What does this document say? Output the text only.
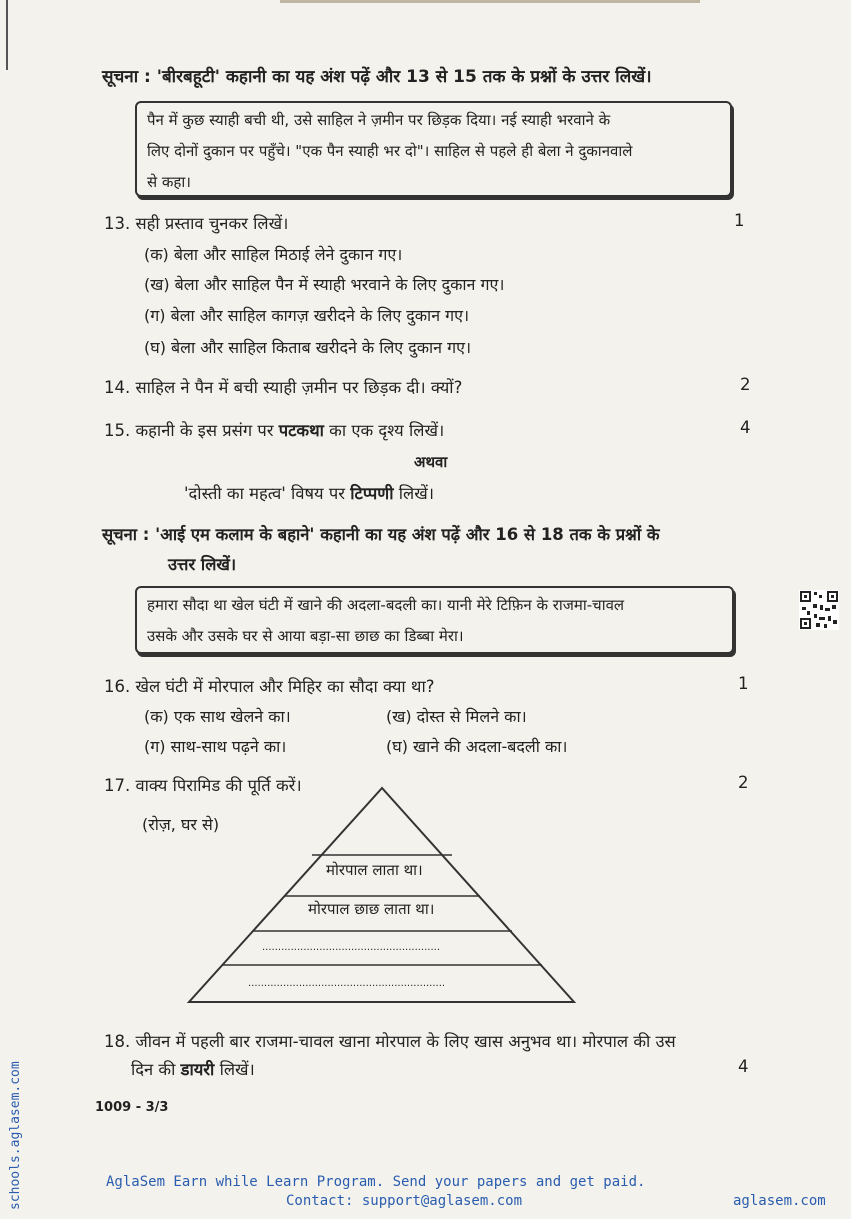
सूचना : 'बीरबहूटी' कहानी का यह अंश पढ़ें और 13 से 15 तक के प्रश्नों के उत्तर लिखें।
पैन में कुछ स्याही बची थी, उसे साहिल ने ज़मीन पर छिड़क दिया। नई स्याही भरवाने के
लिए दोनों दुकान पर पहुँचे। "एक पैन स्याही भर दो"। साहिल से पहले ही बेला ने दुकानवाले
से कहा।
13. सही प्रस्ताव चुनकर लिखें।	1
(क) बेला और साहिल मिठाई लेने दुकान गए।
(ख) बेला और साहिल पैन में स्याही भरवाने के लिए दुकान गए।
(ग) बेला और साहिल कागज़ खरीदने के लिए दुकान गए।
(घ) बेला और साहिल किताब खरीदने के लिए दुकान गए।
14. साहिल ने पैन में बची स्याही ज़मीन पर छिड़क दी। क्यों?	2
15. कहानी के इस प्रसंग पर पटकथा का एक दृश्य लिखें।	4
अथवा
'दोस्ती का महत्व' विषय पर टिप्पणी लिखें।
सूचना : 'आई एम कलाम के बहाने' कहानी का यह अंश पढ़ें और 16 से 18 तक के प्रश्नों के
उत्तर लिखें।
हमारा सौदा था खेल घंटी में खाने की अदला-बदली का। यानी मेरे टिफ़िन के राजमा-चावल
उसके और उसके घर से आया बड़ा-सा छाछ का डिब्बा मेरा।
16. खेल घंटी में मोरपाल और मिहिर का सौदा क्या था?	1
(क) एक साथ खेलने का।	(ख) दोस्त से मिलने का।
(ग) साथ-साथ पढ़ने का।	(घ) खाने की अदला-बदली का।
17. वाक्य पिरामिड की पूर्ति करें।	2
(रोज़, घर से)
मोरपाल लाता था।
मोरपाल छाछ लाता था।
........................................................
..............................................................
18. जीवन में पहली बार राजमा-चावल खाना मोरपाल के लिए खास अनुभव था। मोरपाल की उस
दिन की डायरी लिखें।	4
1009 - 3/3
schools.aglasem.com	AglaSem Earn while Learn Program. Send your papers and get paid.
Contact: support@aglasem.com	aglasem.com
